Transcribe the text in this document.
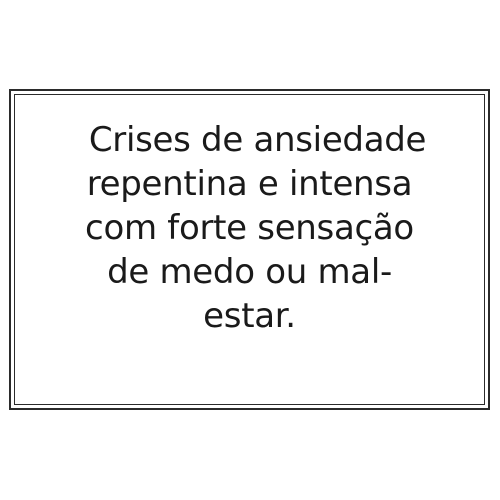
Crises de ansiedade
repentina e intensa
com forte sensação
de medo ou mal-
estar.
